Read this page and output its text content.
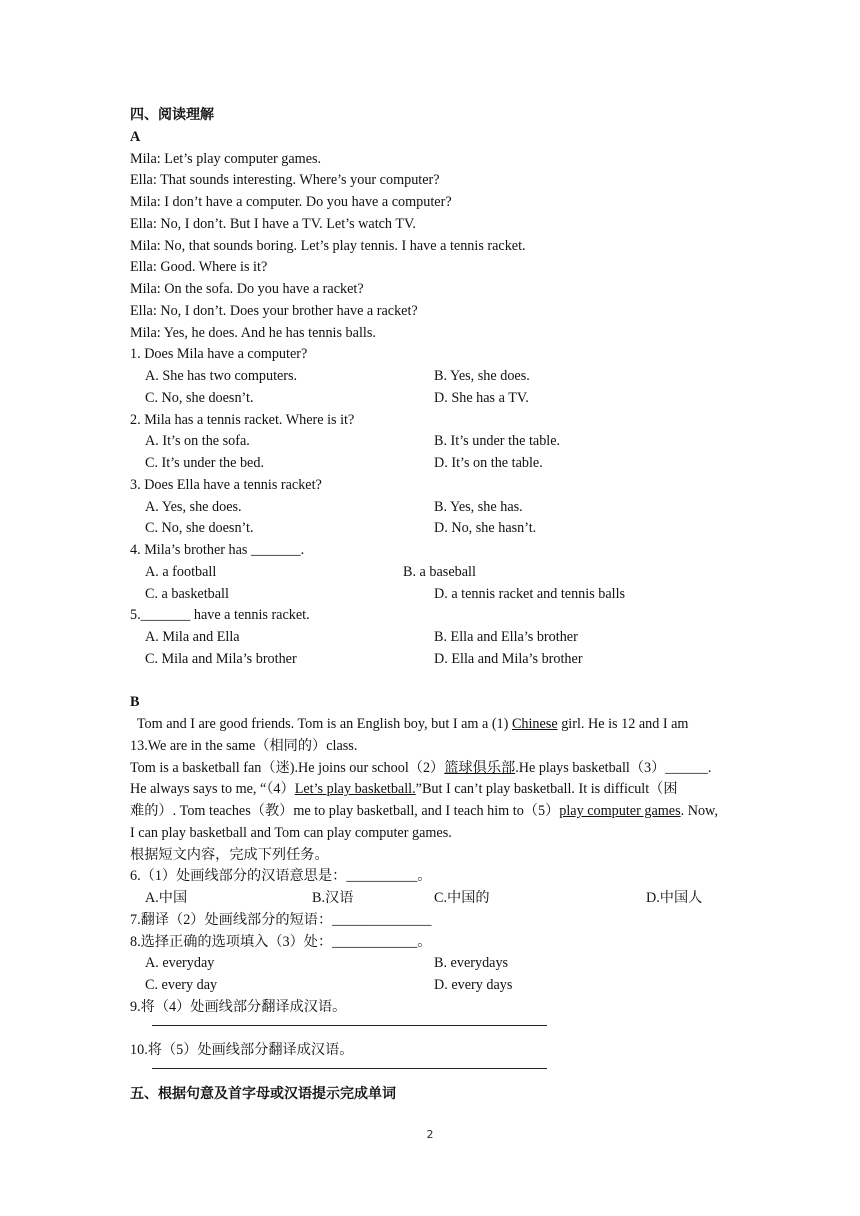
四、阅读理解
A
Mila: Let’s play computer games.
Ella: That sounds interesting. Where’s your computer?
Mila: I don’t have a computer. Do you have a computer?
Ella: No, I don’t. But I have a TV. Let’s watch TV.
Mila: No, that sounds boring. Let’s play tennis. I have a tennis racket.
Ella: Good. Where is it?
Mila: On the sofa. Do you have a racket?
Ella: No, I don’t. Does your brother have a racket?
Mila: Yes, he does. And he has tennis balls.
1. Does Mila have a computer?
A. She has two computers.	B. Yes, she does.
C. No, she doesn’t.	D. She has a TV.
2. Mila has a tennis racket. Where is it?
A. It’s on the sofa.	B. It’s under the table.
C. It’s under the bed.	D. It’s on the table.
3. Does Ella have a tennis racket?
A. Yes, she does.	B. Yes, she has.
C. No, she doesn’t.	D. No, she hasn’t.
4. Mila’s brother has _______.
A. a football	B. a baseball
C. a basketball	D. a tennis racket and tennis balls
5._______ have a tennis racket.
A. Mila and Ella	B. Ella and Ella’s brother
C. Mila and Mila’s brother	D. Ella and Mila’s brother
B
Tom and I are good friends. Tom is an English boy, but I am a (1) Chinese girl. He is 12 and I am
13.We are in the same（相同的）class.
Tom is a basketball fan（迷).He joins our school（2）篮球俱乐部.He plays basketball（3）______.
He always says to me, “（4）Let’s play basketball.”But I can’t play basketball. It is difficult（困
难的）. Tom teaches（教）me to play basketball, and I teach him to（5）play computer games. Now,
I can play basketball and Tom can play computer games.
根据短文内容，完成下列任务。
6.（1）处画线部分的汉语意思是：__________。
A.中国	B.汉语	C.中国的	D.中国人
7.翻译（2）处画线部分的短语：______________
8.选择正确的选项填入（3）处：____________。
A. everyday	B. everydays
C. every day	D. every days
9.将（4）处画线部分翻译成汉语。
10.将（5）处画线部分翻译成汉语。
五、根据句意及首字母或汉语提示完成单词
2
